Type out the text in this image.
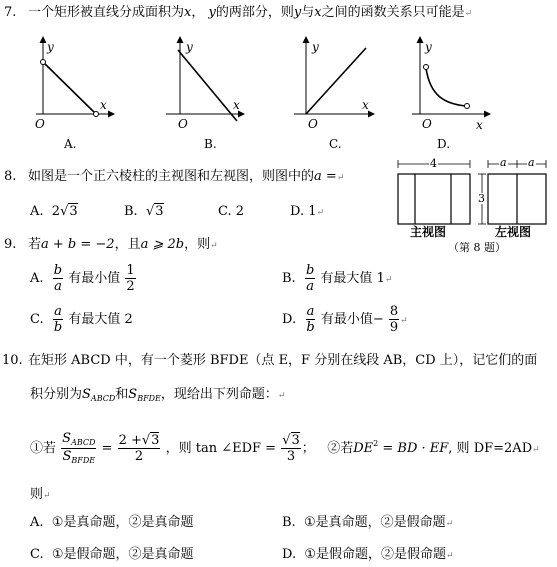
7. 一个矩形被直线分成面积为x， y的两部分，则y与x之间的函数关系只可能是↵
y
x
O
A.
y
x
O
B.
y
x
O
C.
y
x
O
D.
8. 如图是一个正六棱柱的主视图和左视图，则图中的a =↵
A. 2√3	B.  √3	C. 2	D. 1↵
4	a a
3
主视图	左视图
（第 8 题）
9. 若a + b = −2，且a ⩾ 2b，则↵
A. $\frac{b}{a}$ 有最小值 $\frac{1}{2}$	B. $\frac{b}{a}$ 有最大值 1↵
C. $\frac{a}{b}$ 有最大值 2	D. $\frac{a}{b}$ 有最小值− $\frac{8}{9}$ ↵
10. 在矩形 ABCD 中，有一个菱形 BFDE（点 E，F 分别在线段 AB，CD 上），记它们的面
积分别为$S_{ABCD}$和$S_{BFDE}$，现给出下列命题：↵
①若 $\frac{S_{ABCD}}{S_{BFDE}} = \frac{2 +√3}{2}$ ，则 tan ∠EDF = $\frac{√3}{3}$ ； ②若$DE^2$ = BD · EF, 则 DF=2AD↵
则↵
A. ①是真命题，②是真命题	B. ①是真命题，②是假命题↵
C. ①是假命题，②是真命题	D. ①是假命题，②是假命题↵
